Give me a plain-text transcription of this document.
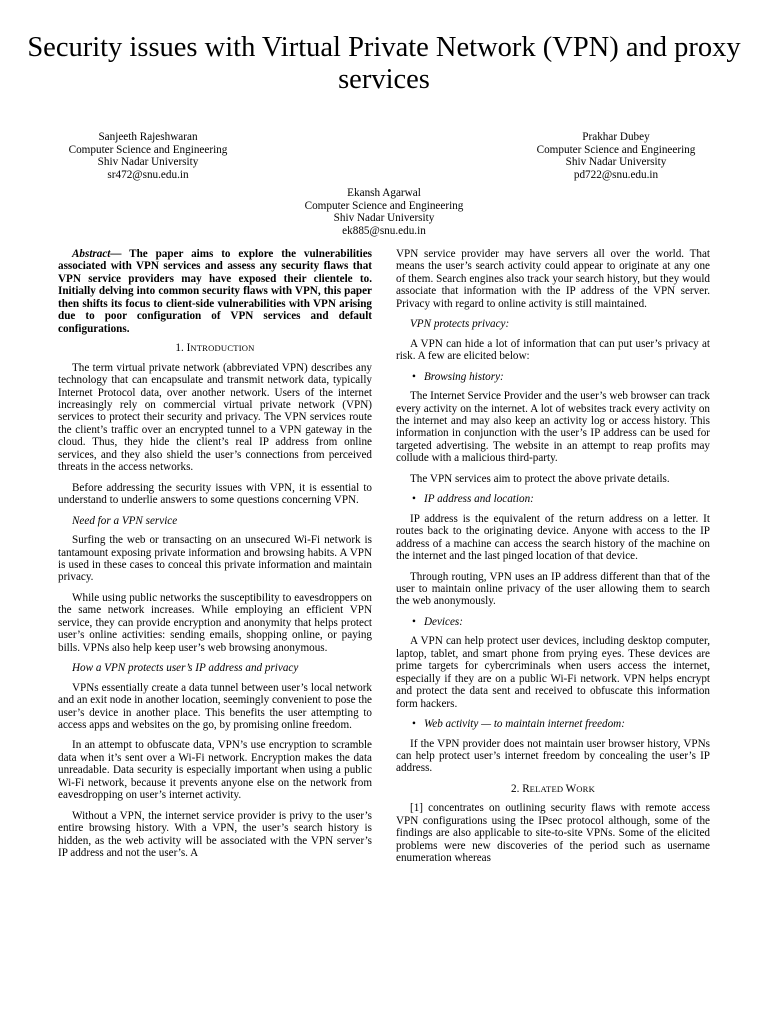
Security issues with Virtual Private Network (VPN) and proxy services
Sanjeeth Rajeshwaran
Computer Science and Engineering
Shiv Nadar University
sr472@snu.edu.in
Prakhar Dubey
Computer Science and Engineering
Shiv Nadar University
pd722@snu.edu.in
Ekansh Agarwal
Computer Science and Engineering
Shiv Nadar University
ek885@snu.edu.in

Abstract— The paper aims to explore the vulnerabilities associated with VPN services and assess any security flaws that VPN service providers may have exposed their clientele to. Initially delving into common security flaws with VPN, this paper then shifts its focus to client-side vulnerabilities with VPN arising due to poor configuration of VPN services and default configurations.

1. INTRODUCTION

The term virtual private network (abbreviated VPN) describes any technology that can encapsulate and transmit network data, typically Internet Protocol data, over another network. Users of the internet increasingly rely on commercial virtual private network (VPN) services to protect their security and privacy. The VPN services route the client’s traffic over an encrypted tunnel to a VPN gateway in the cloud. Thus, they hide the client’s real IP address from online services, and they also shield the user’s connections from perceived threats in the access networks.

Before addressing the security issues with VPN, it is essential to understand to underlie answers to some questions concerning VPN.

Need for a VPN service

Surfing the web or transacting on an unsecured Wi-Fi network is tantamount exposing private information and browsing habits. A VPN is used in these cases to conceal this private information and maintain privacy.

While using public networks the susceptibility to eavesdroppers on the same network increases. While employing an efficient VPN service, they can provide encryption and anonymity that helps protect user’s online activities: sending emails, shopping online, or paying bills. VPNs also help keep user’s web browsing anonymous.

How a VPN protects user’s IP address and privacy

VPNs essentially create a data tunnel between user’s local network and an exit node in another location, seemingly convenient to pose the user’s device in another place. This benefits the user attempting to access apps and websites on the go, by promising online freedom.

In an attempt to obfuscate data, VPN’s use encryption to scramble data when it’s sent over a Wi-Fi network. Encryption makes the data unreadable. Data security is especially important when using a public Wi-Fi network, because it prevents anyone else on the network from eavesdropping on user’s internet activity.

Without a VPN, the internet service provider is privy to the user’s entire browsing history. With a VPN, the user’s search history is hidden, as the web activity will be associated with the VPN server’s IP address and not the user’s. A

VPN service provider may have servers all over the world. That means the user’s search activity could appear to originate at any one of them. Search engines also track your search history, but they would associate that information with the IP address of the VPN server. Privacy with regard to online activity is still maintained.

VPN protects privacy:

A VPN can hide a lot of information that can put user’s privacy at risk. A few are elicited below:

• Browsing history:

The Internet Service Provider and the user’s web browser can track every activity on the internet. A lot of websites track every activity on the internet and may also keep an activity log or access history. This information in conjunction with the user’s IP address can be used for targeted advertising. The website in an attempt to reap profits may collude with a malicious third-party.

The VPN services aim to protect the above private details.

• IP address and location:

IP address is the equivalent of the return address on a letter. It routes back to the originating device. Anyone with access to the IP address of a machine can access the search history of the machine on the internet and the last pinged location of that device.

Through routing, VPN uses an IP address different than that of the user to maintain online privacy of the user allowing them to search the web anonymously.

• Devices:

A VPN can help protect user devices, including desktop computer, laptop, tablet, and smart phone from prying eyes. These devices are prime targets for cybercriminals when users access the internet, especially if they are on a public Wi-Fi network. VPN helps encrypt and protect the data sent and received to obfuscate this information form hackers.

• Web activity — to maintain internet freedom:

If the VPN provider does not maintain user browser history, VPNs can help protect user’s internet freedom by concealing the user’s IP address.

2. RELATED WORK

[1] concentrates on outlining security flaws with remote access VPN configurations using the IPsec protocol although, some of the findings are also applicable to site-to-site VPNs. Some of the elicited problems were new discoveries of the period such as username enumeration whereas
